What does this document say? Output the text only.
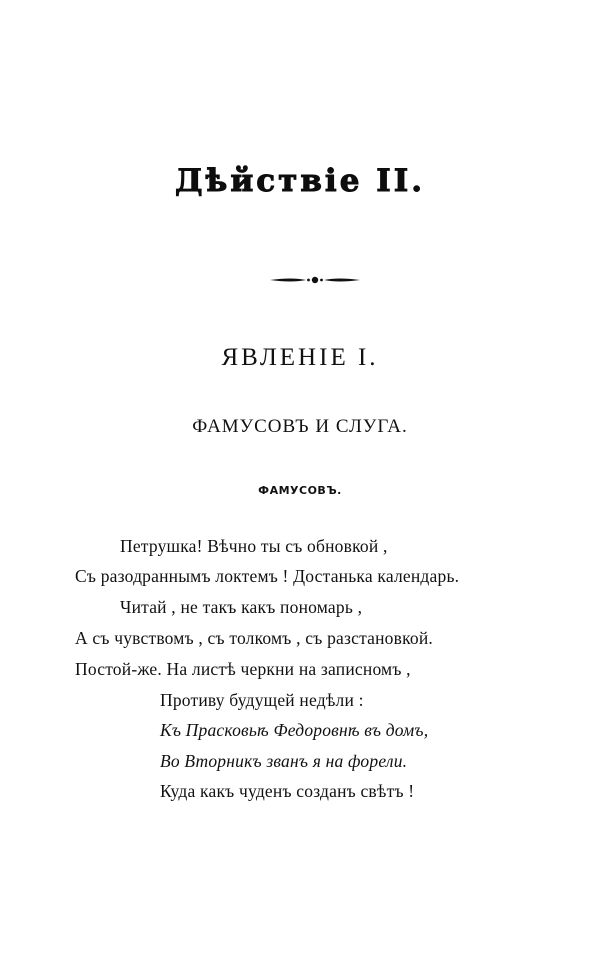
Дѣйствіе II.
ЯВЛЕНІЕ I.
ФАМУСОВЪ И СЛУГА.
ФАМУСОВЪ.
Петрушка! Вѣчно ты съ обновкой ,
Съ разодраннымъ локтемъ ! Достанька календарь.
Читай , не такъ какъ пономарь ,
А съ чувствомъ , съ толкомъ , съ разстановкой.
Постой-же. На листѣ черкни на записномъ ,
Противу будущей недѣли :
Къ Прасковьѣ Федоровнѣ въ домъ,
Во Вторникъ званъ я на форели.
Куда какъ чуденъ созданъ свѣтъ !
